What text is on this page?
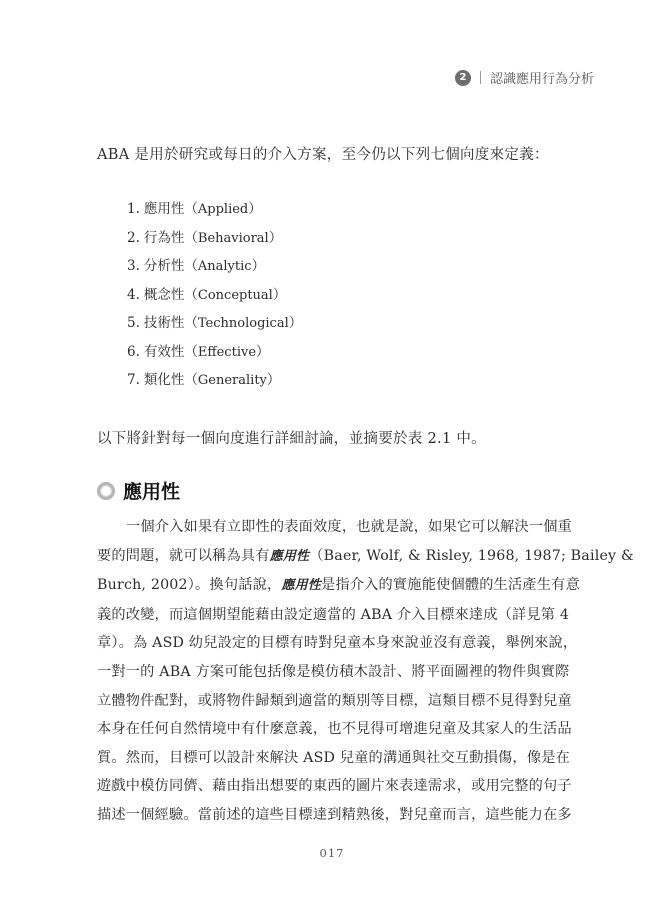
2	認識應用行為分析

ABA 是用於研究或每日的介入方案，至今仍以下列七個向度來定義：

1. 應用性（Applied）
2. 行為性（Behavioral）
3. 分析性（Analytic）
4. 概念性（Conceptual）
5. 技術性（Technological）
6. 有效性（Effective）
7. 類化性（Generality）

以下將針對每一個向度進行詳細討論，並摘要於表 2.1 中。

應用性

一個介入如果有立即性的表面效度，也就是說，如果它可以解決一個重
要的問題，就可以稱為具有應用性（Baer, Wolf, & Risley, 1968, 1987; Bailey &
Burch, 2002）。換句話說，應用性是指介入的實施能使個體的生活產生有意
義的改變，而這個期望能藉由設定適當的 ABA 介入目標來達成（詳見第 4
章）。為 ASD 幼兒設定的目標有時對兒童本身來說並沒有意義，舉例來說，
一對一的 ABA 方案可能包括像是模仿積木設計、將平面圖裡的物件與實際
立體物件配對，或將物件歸類到適當的類別等目標，這類目標不見得對兒童
本身在任何自然情境中有什麼意義，也不見得可增進兒童及其家人的生活品
質。然而，目標可以設計來解決 ASD 兒童的溝通與社交互動損傷，像是在
遊戲中模仿同儕、藉由指出想要的東西的圖片來表達需求，或用完整的句子
描述一個經驗。當前述的這些目標達到精熟後，對兒童而言，這些能力在多

017
